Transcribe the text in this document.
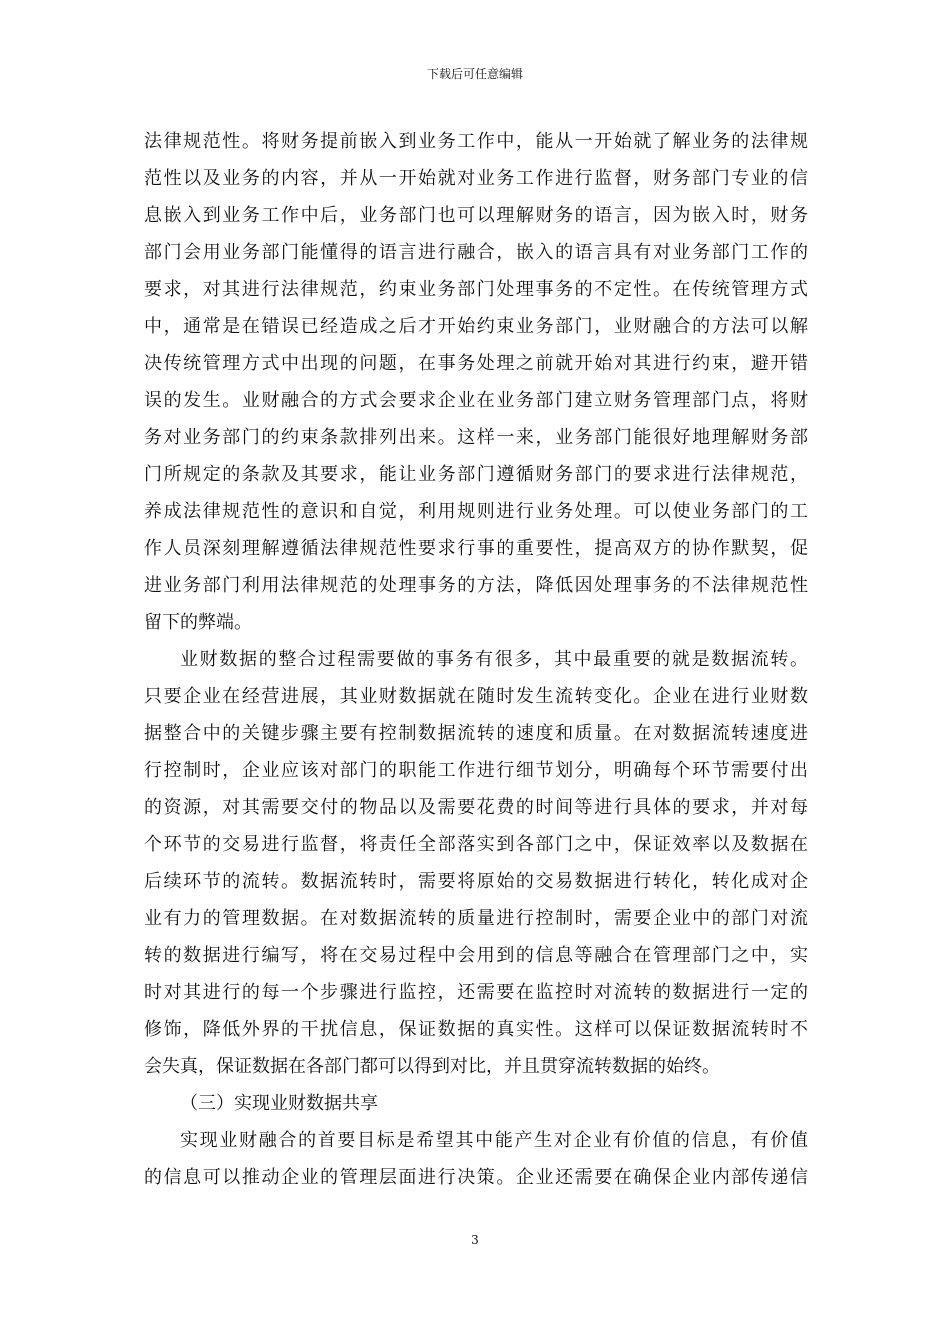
下载后可任意编辑
法律规范性。将财务提前嵌入到业务工作中，能从一开始就了解业务的法律规
范性以及业务的内容，并从一开始就对业务工作进行监督，财务部门专业的信
息嵌入到业务工作中后，业务部门也可以理解财务的语言，因为嵌入时，财务
部门会用业务部门能懂得的语言进行融合，嵌入的语言具有对业务部门工作的
要求，对其进行法律规范，约束业务部门处理事务的不定性。在传统管理方式
中，通常是在错误已经造成之后才开始约束业务部门，业财融合的方法可以解
决传统管理方式中出现的问题，在事务处理之前就开始对其进行约束，避开错
误的发生。业财融合的方式会要求企业在业务部门建立财务管理部门点，将财
务对业务部门的约束条款排列出来。这样一来，业务部门能很好地理解财务部
门所规定的条款及其要求，能让业务部门遵循财务部门的要求进行法律规范，
养成法律规范性的意识和自觉，利用规则进行业务处理。可以使业务部门的工
作人员深刻理解遵循法律规范性要求行事的重要性，提高双方的协作默契，促
进业务部门利用法律规范的处理事务的方法，降低因处理事务的不法律规范性
留下的弊端。
业财数据的整合过程需要做的事务有很多，其中最重要的就是数据流转。
只要企业在经营进展，其业财数据就在随时发生流转变化。企业在进行业财数
据整合中的关键步骤主要有控制数据流转的速度和质量。在对数据流转速度进
行控制时，企业应该对部门的职能工作进行细节划分，明确每个环节需要付出
的资源，对其需要交付的物品以及需要花费的时间等进行具体的要求，并对每
个环节的交易进行监督，将责任全部落实到各部门之中，保证效率以及数据在
后续环节的流转。数据流转时，需要将原始的交易数据进行转化，转化成对企
业有力的管理数据。在对数据流转的质量进行控制时，需要企业中的部门对流
转的数据进行编写，将在交易过程中会用到的信息等融合在管理部门之中，实
时对其进行的每一个步骤进行监控，还需要在监控时对流转的数据进行一定的
修饰，降低外界的干扰信息，保证数据的真实性。这样可以保证数据流转时不
会失真，保证数据在各部门都可以得到对比，并且贯穿流转数据的始终。
（三）实现业财数据共享
实现业财融合的首要目标是希望其中能产生对企业有价值的信息，有价值
的信息可以推动企业的管理层面进行决策。企业还需要在确保企业内部传递信
3
